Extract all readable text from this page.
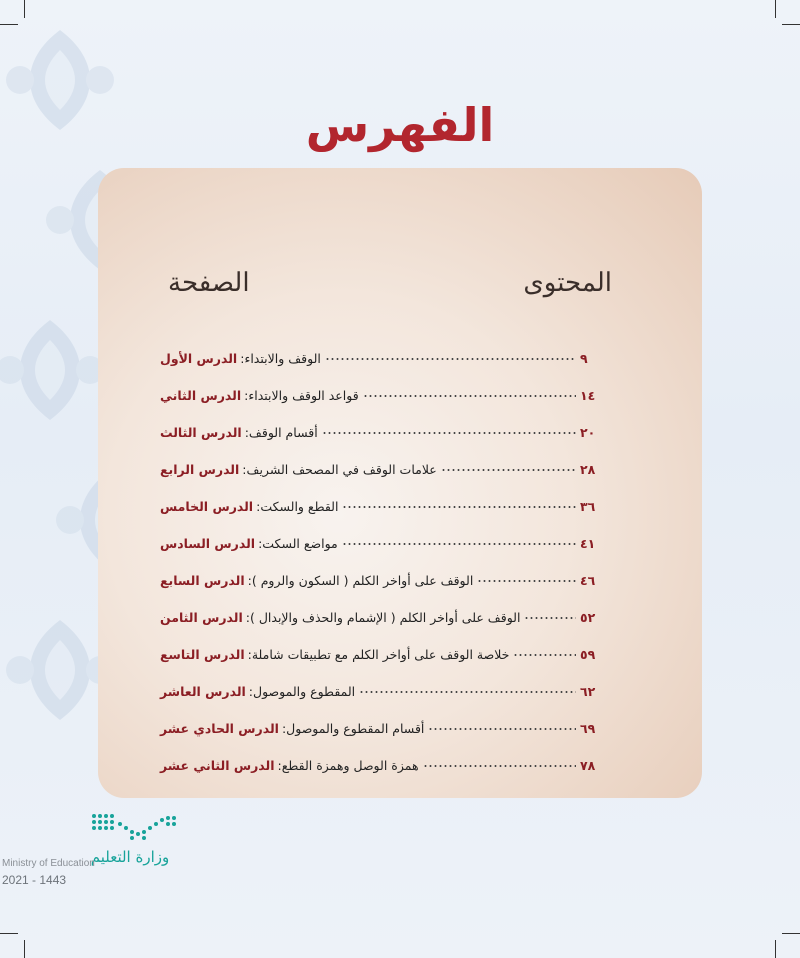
الفهرس
المحتوى
الصفحة
الدرس الأول : الوقف والابتداء	٩
الدرس الثاني : قواعد الوقف والابتداء	١٤
الدرس الثالث : أقسام الوقف	٢٠
الدرس الرابع : علامات الوقف في المصحف الشريف	٢٨
الدرس الخامس : القطع والسكت	٣٦
الدرس السادس : مواضع السكت	٤١
الدرس السابع : الوقف على أواخر الكلم ( السكون والروم )	٤٦
الدرس الثامن : الوقف على أواخر الكلم ( الإشمام والحذف والإبدال )	٥٢
الدرس التاسع : خلاصة الوقف على أواخر الكلم مع تطبيقات شاملة	٥٩
الدرس العاشر : المقطوع والموصول	٦٢
الدرس الحادي عشر : أقسام المقطوع والموصول	٦٩
الدرس الثاني عشر : همزة الوصل وهمزة القطع	٧٨
وزارة التعليم
Ministry of Education
2021 - 1443
